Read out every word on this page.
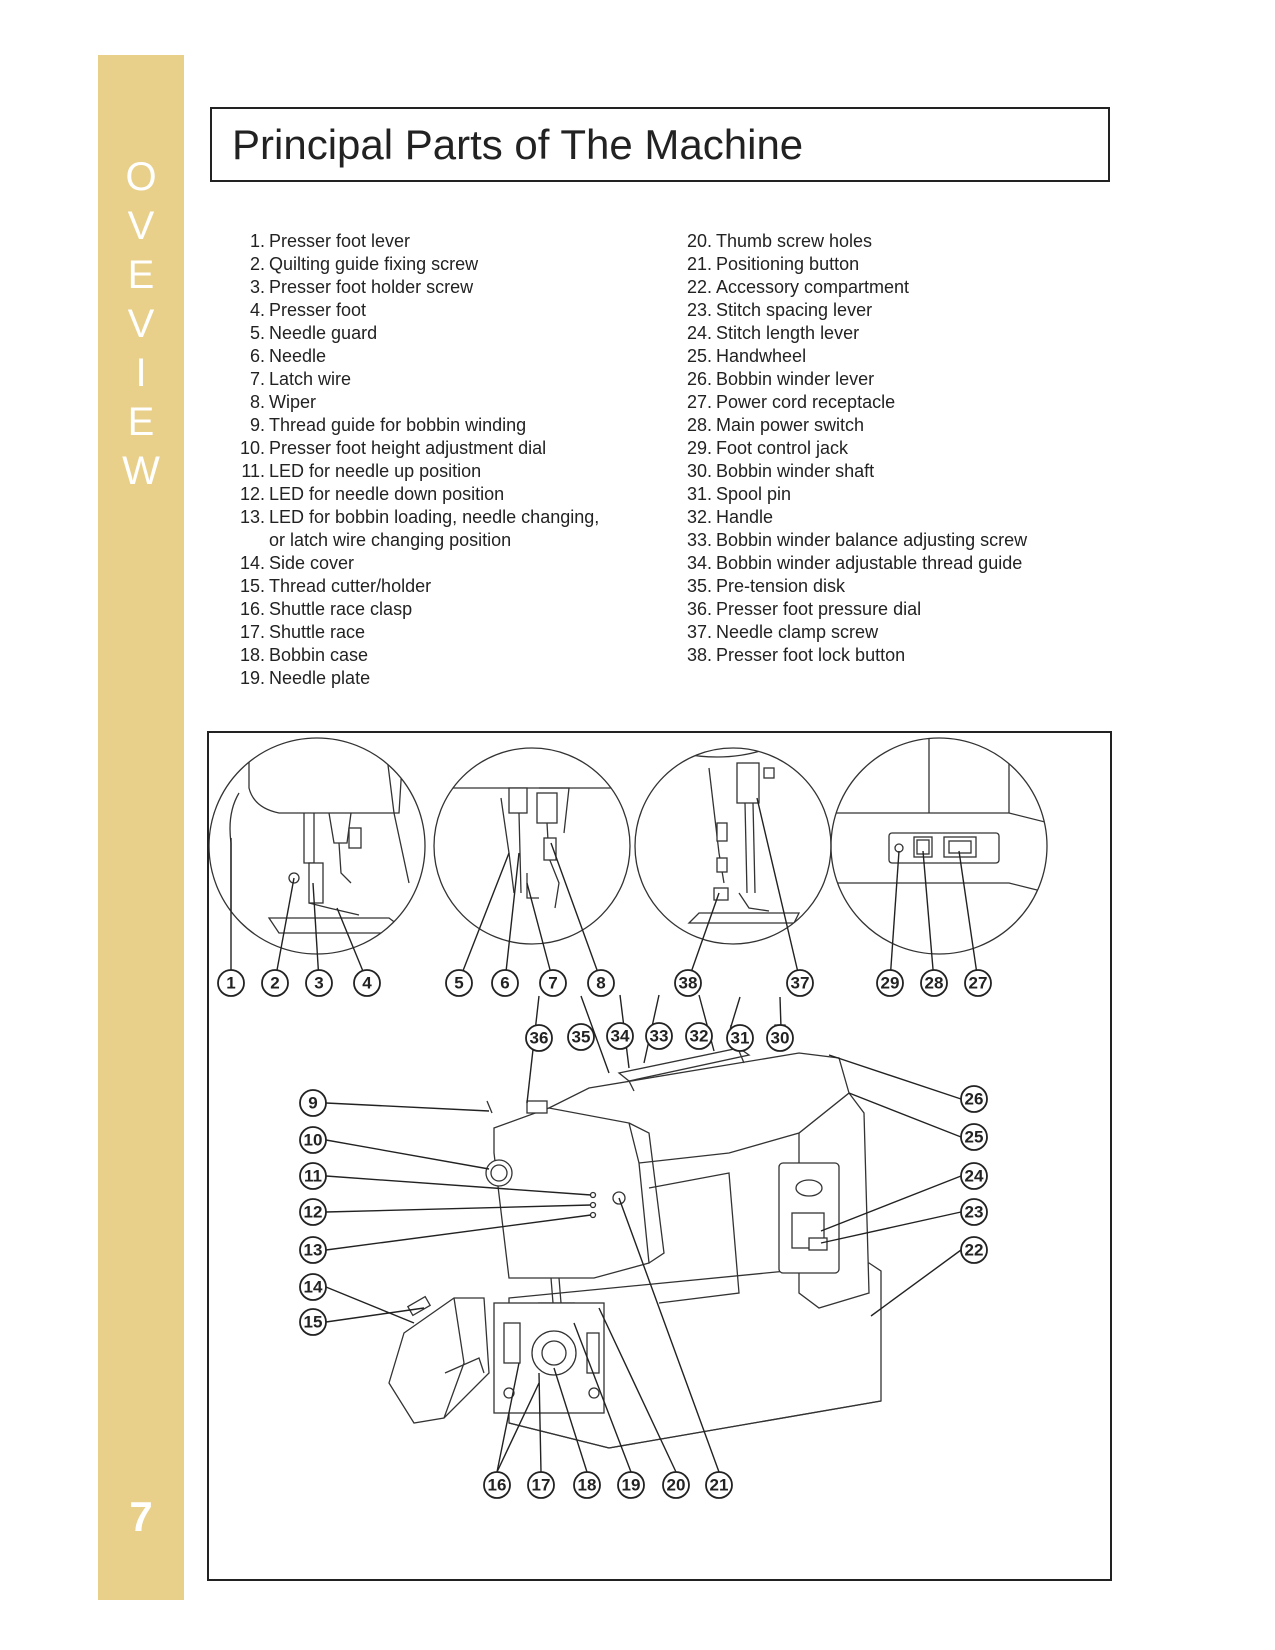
O
V
E
V
I
E
W
7
Principal Parts of The Machine
1. Presser foot lever
2. Quilting guide fixing screw
3. Presser foot holder screw
4. Presser foot
5. Needle guard
6. Needle
7. Latch wire
8. Wiper
9. Thread guide for bobbin winding
10. Presser foot height adjustment dial
11. LED for needle up position
12. LED for needle down position
13. LED for bobbin loading, needle changing,
or latch wire changing position
14. Side cover
15. Thread cutter/holder
16. Shuttle race clasp
17. Shuttle race
18. Bobbin case
19. Needle plate
20. Thumb screw holes
21. Positioning button
22. Accessory compartment
23. Stitch spacing lever
24. Stitch length lever
25. Handwheel
26. Bobbin winder lever
27. Power cord receptacle
28. Main power switch
29. Foot control jack
30. Bobbin winder shaft
31. Spool pin
32. Handle
33. Bobbin winder balance adjusting screw
34. Bobbin winder adjustable thread guide
35. Pre-tension disk
36. Presser foot pressure dial
37. Needle clamp screw
38. Presser foot lock button
1 2 3 4	5 6 7 8	38	37	29 28 27
36 35 34 33 32 31 30
9
10
11
12
13
14
15
26
25
24
23
22
16 17 18 19 20 21
